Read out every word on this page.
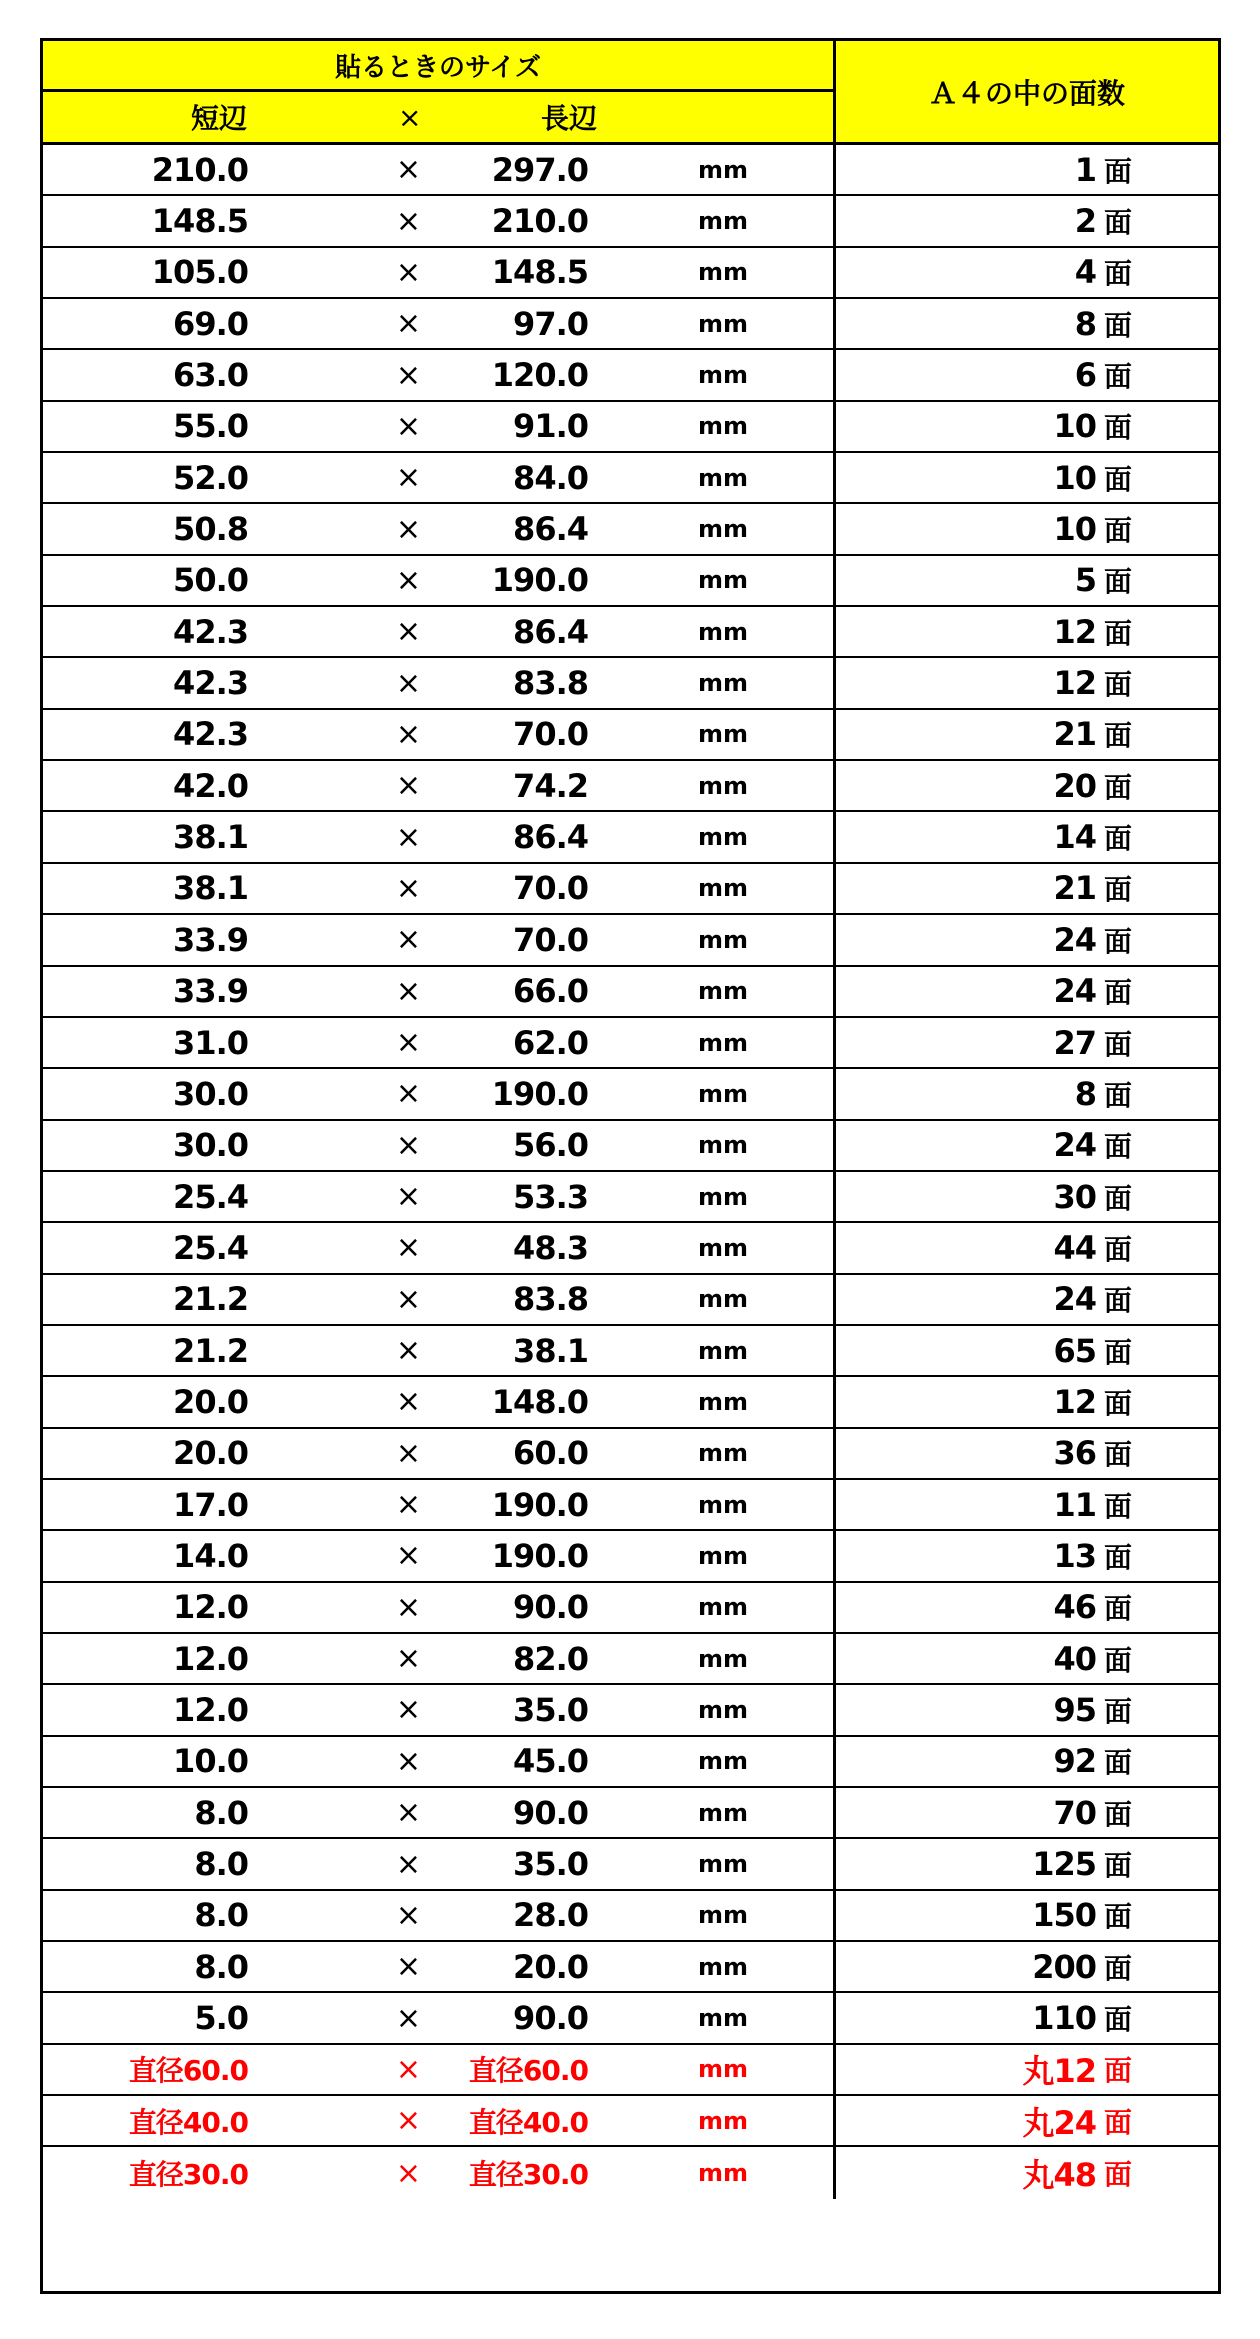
貼るときのサイズ
短辺	×	長辺
Ａ４の中の面数
210.0	×	297.0	mm	1 面
148.5	×	210.0	mm	2 面
105.0	×	148.5	mm	4 面
69.0	×	97.0	mm	8 面
63.0	×	120.0	mm	6 面
55.0	×	91.0	mm	10 面
52.0	×	84.0	mm	10 面
50.8	×	86.4	mm	10 面
50.0	×	190.0	mm	5 面
42.3	×	86.4	mm	12 面
42.3	×	83.8	mm	12 面
42.3	×	70.0	mm	21 面
42.0	×	74.2	mm	20 面
38.1	×	86.4	mm	14 面
38.1	×	70.0	mm	21 面
33.9	×	70.0	mm	24 面
33.9	×	66.0	mm	24 面
31.0	×	62.0	mm	27 面
30.0	×	190.0	mm	8 面
30.0	×	56.0	mm	24 面
25.4	×	53.3	mm	30 面
25.4	×	48.3	mm	44 面
21.2	×	83.8	mm	24 面
21.2	×	38.1	mm	65 面
20.0	×	148.0	mm	12 面
20.0	×	60.0	mm	36 面
17.0	×	190.0	mm	11 面
14.0	×	190.0	mm	13 面
12.0	×	90.0	mm	46 面
12.0	×	82.0	mm	40 面
12.0	×	35.0	mm	95 面
10.0	×	45.0	mm	92 面
8.0	×	90.0	mm	70 面
8.0	×	35.0	mm	125 面
8.0	×	28.0	mm	150 面
8.0	×	20.0	mm	200 面
5.0	×	90.0	mm	110 面
直径60.0	×	直径60.0	mm	丸12 面
直径40.0	×	直径40.0	mm	丸24 面
直径30.0	×	直径30.0	mm	丸48 面
